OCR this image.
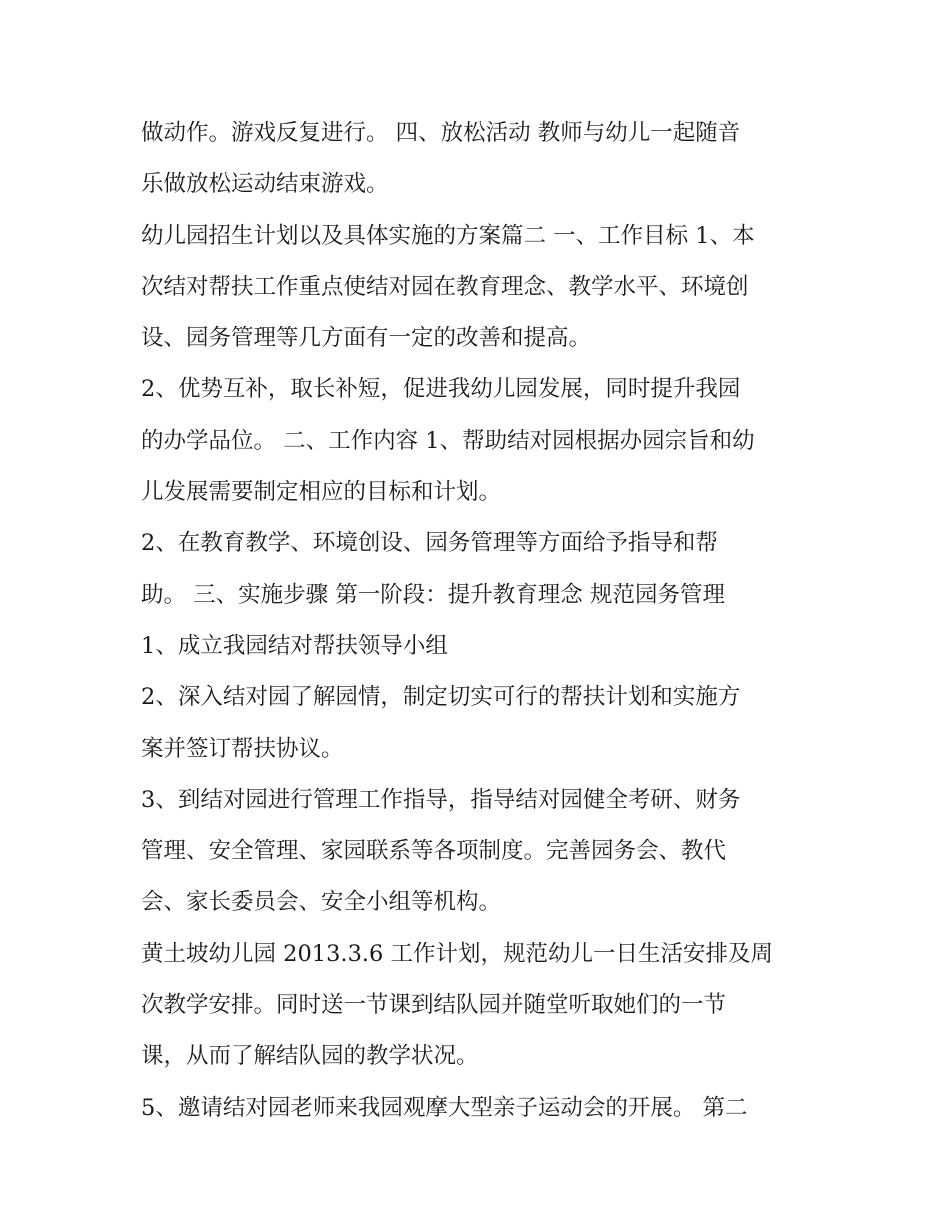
做动作。游戏反复进行。 四、放松活动 教师与幼儿一起随音
乐做放松运动结束游戏。
幼儿园招生计划以及具体实施的方案篇二 一、工作目标 1、本
次结对帮扶工作重点使结对园在教育理念、教学水平、环境创
设、园务管理等几方面有一定的改善和提高。
2、优势互补，取长补短，促进我幼儿园发展，同时提升我园
的办学品位。 二、工作内容 1、帮助结对园根据办园宗旨和幼
儿发展需要制定相应的目标和计划。
2、在教育教学、环境创设、园务管理等方面给予指导和帮
助。 三、实施步骤 第一阶段：提升教育理念 规范园务管理
1、成立我园结对帮扶领导小组
2、深入结对园了解园情，制定切实可行的帮扶计划和实施方
案并签订帮扶协议。
3、到结对园进行管理工作指导，指导结对园健全考研、财务
管理、安全管理、家园联系等各项制度。完善园务会、教代
会、家长委员会、安全小组等机构。
黄土坡幼儿园 2013.3.6 工作计划，规范幼儿一日生活安排及周
次教学安排。同时送一节课到结队园并随堂听取她们的一节
课，从而了解结队园的教学状况。
5、邀请结对园老师来我园观摩大型亲子运动会的开展。 第二
